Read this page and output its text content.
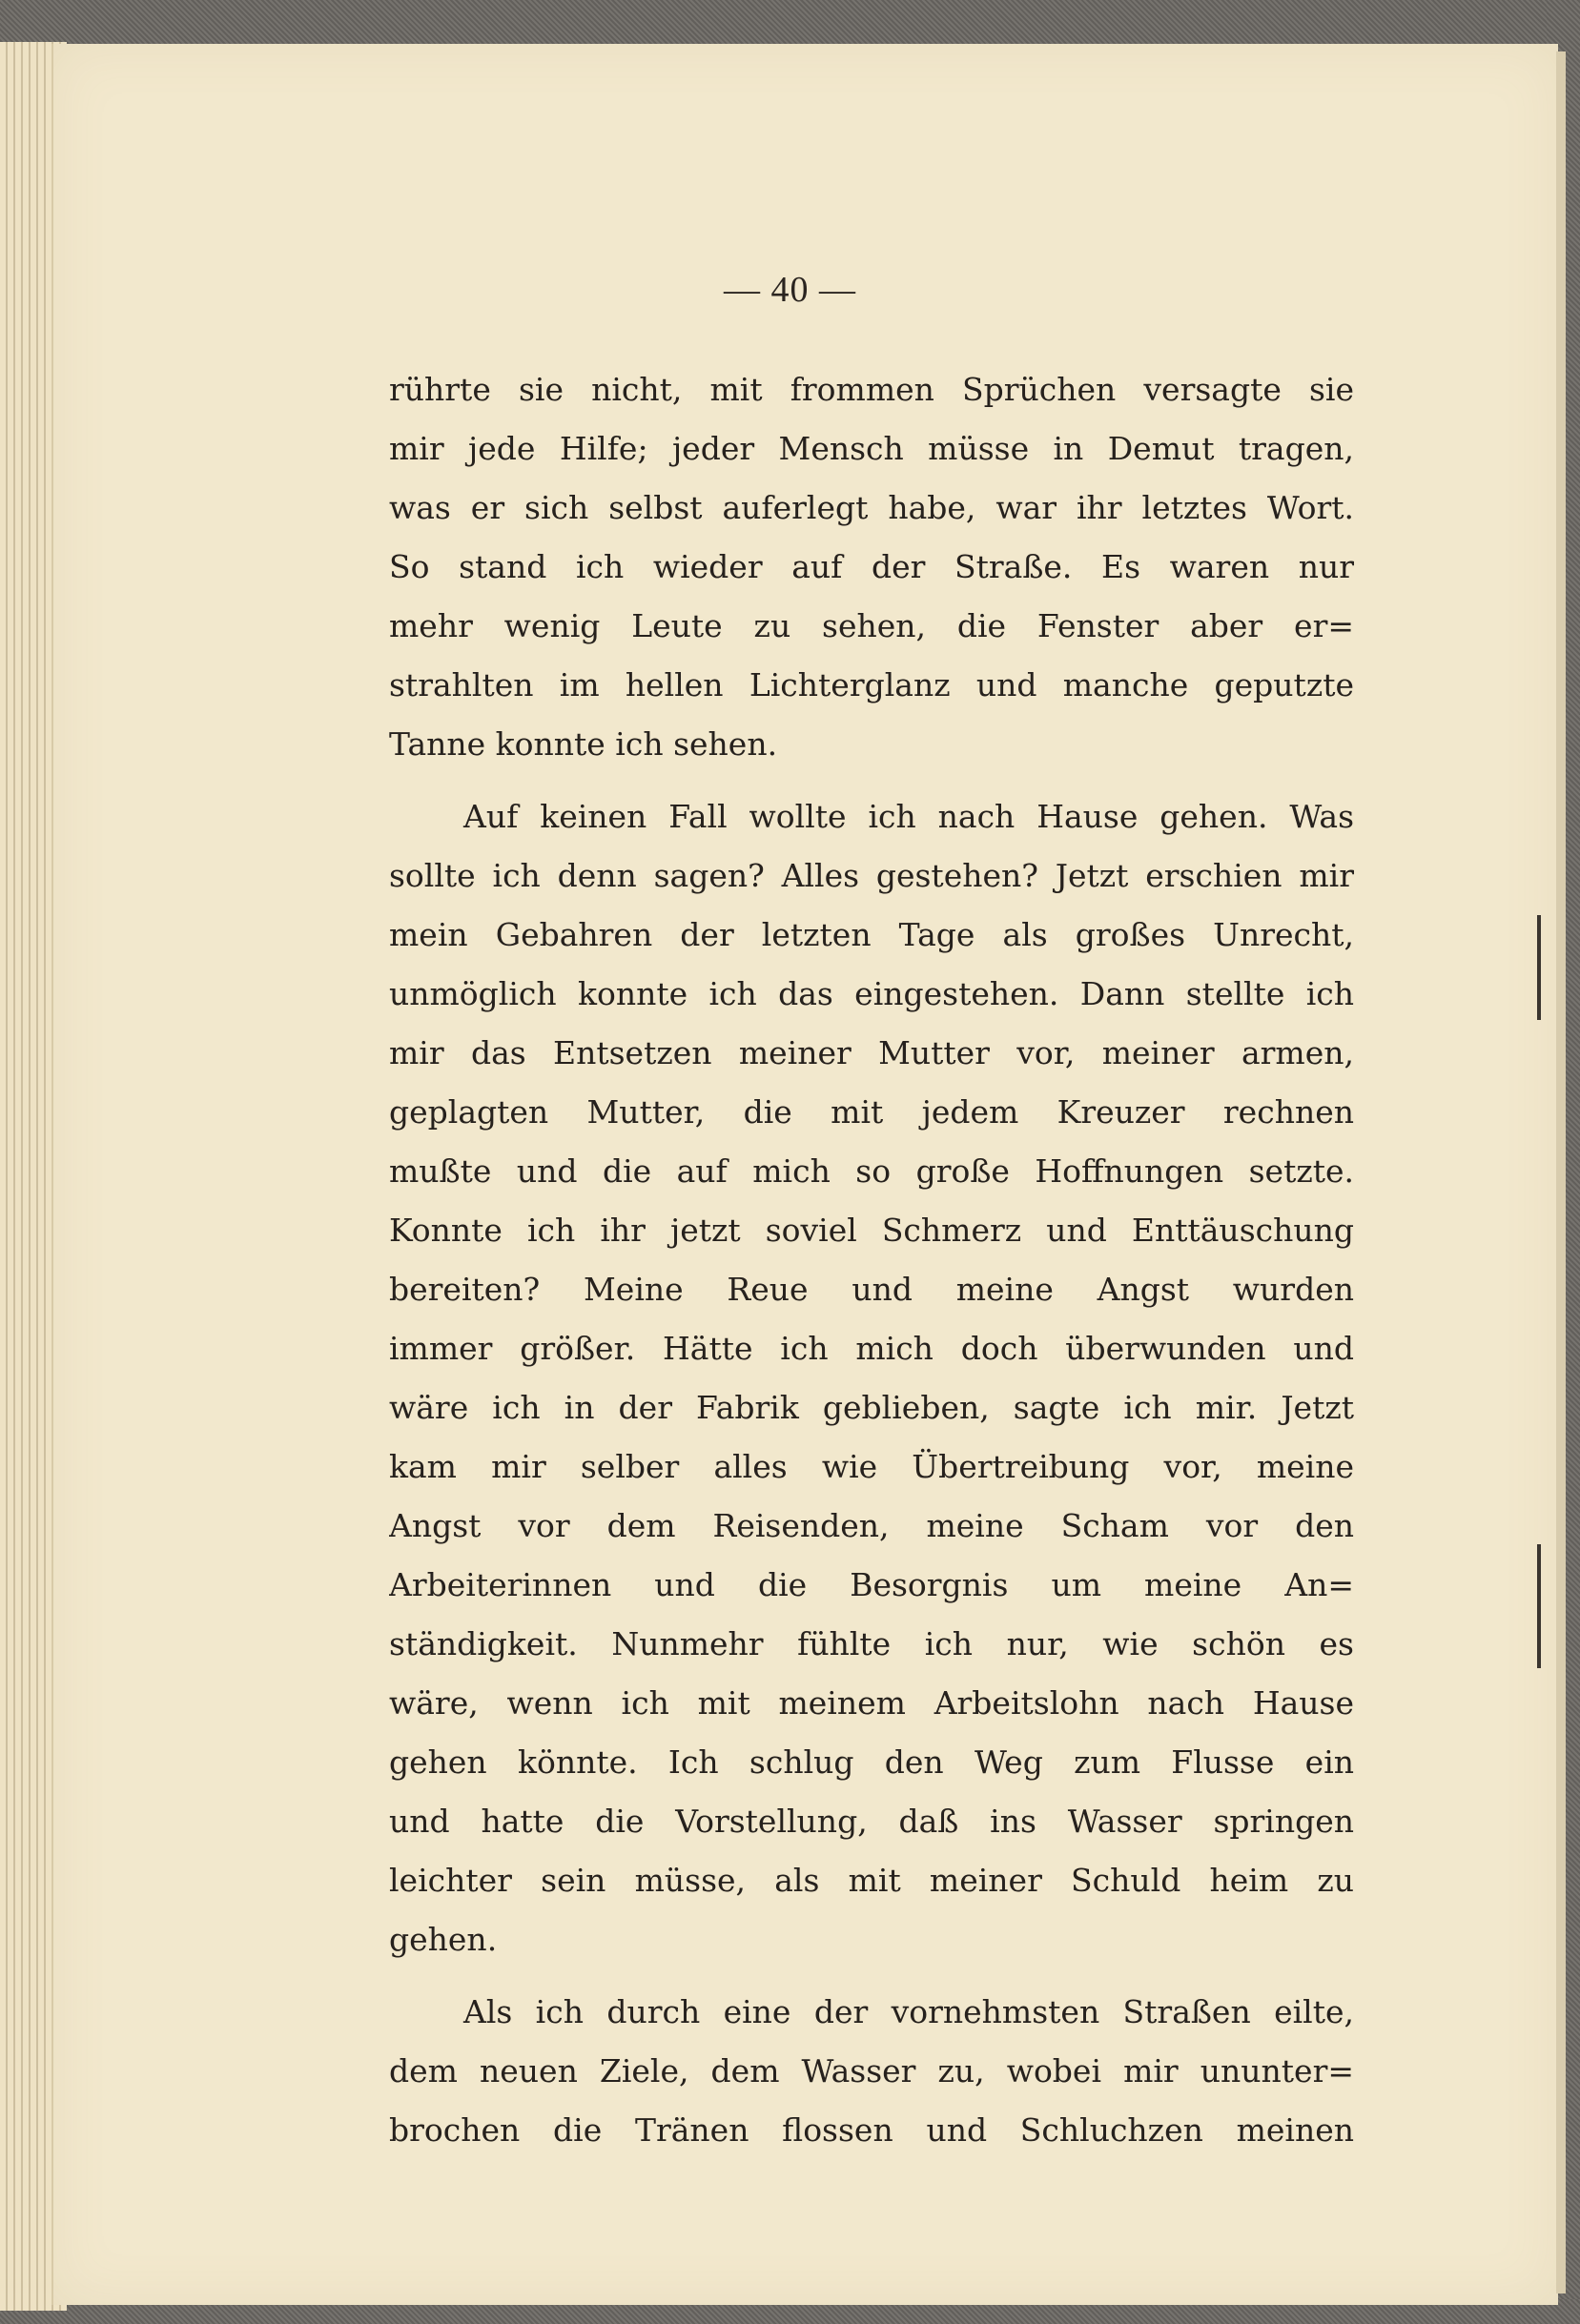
— 40 —
rührte sie nicht, mit frommen Sprüchen versagte sie
mir jede Hilfe; jeder Mensch müsse in Demut tragen,
was er sich selbst auferlegt habe, war ihr letztes Wort.
So stand ich wieder auf der Straße. Es waren nur
mehr wenig Leute zu sehen, die Fenster aber er=
strahlten im hellen Lichterglanz und manche geputzte
Tanne konnte ich sehen.
Auf keinen Fall wollte ich nach Hause gehen. Was
sollte ich denn sagen? Alles gestehen? Jetzt erschien mir
mein Gebahren der letzten Tage als großes Unrecht,
unmöglich konnte ich das eingestehen. Dann stellte ich
mir das Entsetzen meiner Mutter vor, meiner armen,
geplagten Mutter, die mit jedem Kreuzer rechnen
mußte und die auf mich so große Hoffnungen setzte.
Konnte ich ihr jetzt soviel Schmerz und Enttäuschung
bereiten? Meine Reue und meine Angst wurden
immer größer. Hätte ich mich doch überwunden und
wäre ich in der Fabrik geblieben, sagte ich mir. Jetzt
kam mir selber alles wie Übertreibung vor, meine
Angst vor dem Reisenden, meine Scham vor den
Arbeiterinnen und die Besorgnis um meine An=
ständigkeit. Nunmehr fühlte ich nur, wie schön es
wäre, wenn ich mit meinem Arbeitslohn nach Hause
gehen könnte. Ich schlug den Weg zum Flusse ein
und hatte die Vorstellung, daß ins Wasser springen
leichter sein müsse, als mit meiner Schuld heim zu
gehen.
Als ich durch eine der vornehmsten Straßen eilte,
dem neuen Ziele, dem Wasser zu, wobei mir ununter=
brochen die Tränen flossen und Schluchzen meinen
